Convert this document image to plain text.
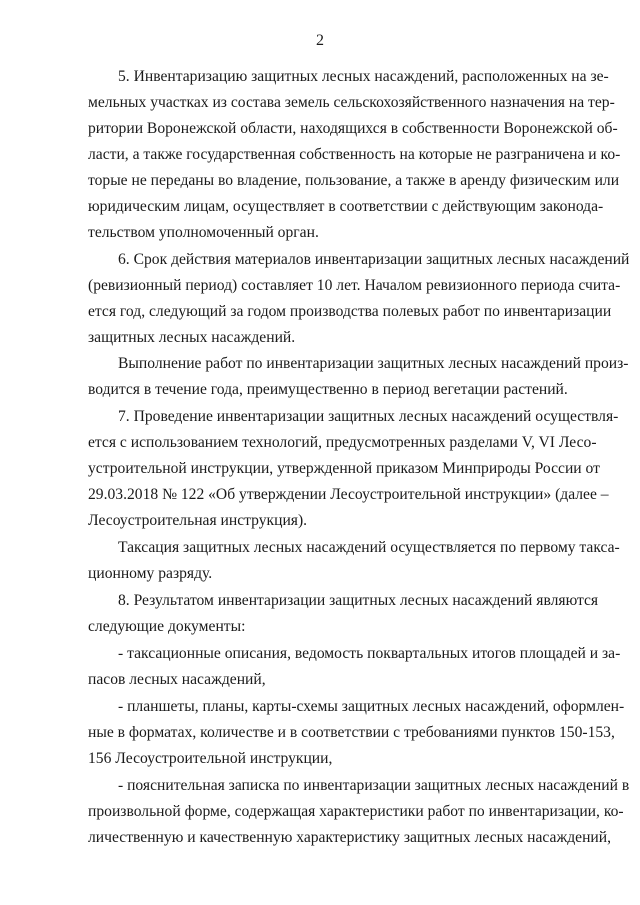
2
5. Инвентаризацию защитных лесных насаждений, расположенных на зе-
мельных участках из состава земель сельскохозяйственного назначения на тер-
ритории Воронежской области, находящихся в собственности Воронежской об-
ласти, а также государственная собственность на которые не разграничена и ко-
торые не переданы во владение, пользование, а также в аренду физическим или
юридическим лицам, осуществляет в соответствии с действующим законода-
тельством уполномоченный орган.
6. Срок действия материалов инвентаризации защитных лесных насаждений
(ревизионный период) составляет 10 лет. Началом ревизионного периода счита-
ется год, следующий за годом производства полевых работ по инвентаризации
защитных лесных насаждений.
Выполнение работ по инвентаризации защитных лесных насаждений произ-
водится в течение года, преимущественно в период вегетации растений.
7. Проведение инвентаризации защитных лесных насаждений осуществля-
ется с использованием технологий, предусмотренных разделами V, VI Лесо-
устроительной инструкции, утвержденной приказом Минприроды России от
29.03.2018 № 122 «Об утверждении Лесоустроительной инструкции» (далее –
Лесоустроительная инструкция).
Таксация защитных лесных насаждений осуществляется по первому такса-
ционному разряду.
8. Результатом инвентаризации защитных лесных насаждений являются
следующие документы:
- таксационные описания, ведомость поквартальных итогов площадей и за-
пасов лесных насаждений,
- планшеты, планы, карты-схемы защитных лесных насаждений, оформлен-
ные в форматах, количестве и в соответствии с требованиями пунктов 150-153,
156 Лесоустроительной инструкции,
- пояснительная записка по инвентаризации защитных лесных насаждений в
произвольной форме, содержащая характеристики работ по инвентаризации, ко-
личественную и качественную характеристику защитных лесных насаждений,
